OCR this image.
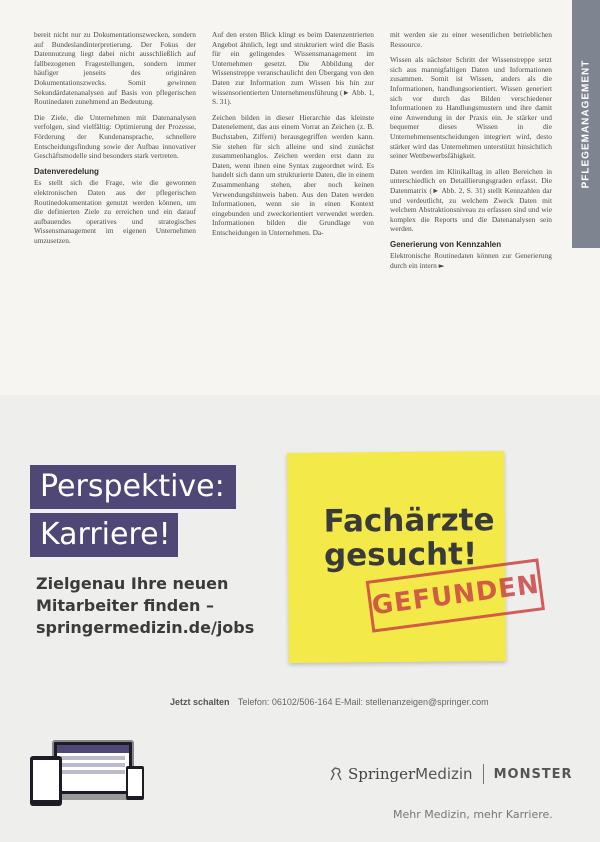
PFLEGEMANAGEMENT

bereit nicht nur zu Dokumentationszwecken, sondern auf Bundeslandinterpretierung. Der Fokus der Datennutzung liegt dabei nicht ausschließlich auf fallbezogenen Fragestellungen, sondern immer häufiger jenseits des originären Dokumentationszwecks. Somit gewinnen Sekundärdatenanalysen auf Basis von pflegerischen Routinedaten zunehmend an Bedeutung.

Die Ziele, die Unternehmen mit Datenanalysen verfolgen, sind vielfältig: Optimierung der Prozesse, Förderung der Kundenansprache, schnellere Entscheidungsfindung sowie der Aufbau innovativer Geschäftsmodelle sind besonders stark vertreten.

Datenveredelung

Es stellt sich die Frage, wie die gewonnen elektronischen Daten aus der pflegerischen Routinedokumentation genutzt werden können, um die definierten Ziele zu erreichen und ein darauf aufbauendes operatives und strategisches Wissensmanagement im eigenen Unternehmen umzusetzen.

Auf den ersten Blick klingt es beim Datenzentrierten Angebot ähnlich, legt und strukturiert wird die Basis für ein gelingendes Wissensmanagement im Unternehmen gesetzt. Die Abbildung der Wissenstreppe veranschaulicht den Übergang von den Daten zur Information zum Wissen bis hin zur wissensorientierten Unternehmensführung (► Abb. 1, S. 31).

Zeichen bilden in dieser Hierarchie das kleinste Datenelement, das aus einem Vorrat an Zeichen (z. B. Buchstaben, Ziffern) herausgegriffen werden kann. Sie stehen für sich alleine und sind zunächst zusammenhanglos. Zeichen werden erst dann zu Daten, wenn ihnen eine Syntax zugeordnet wird. Es handelt sich dann um strukturierte Daten, die in einem Zusammenhang stehen, aber noch keinen Verwendungshinweis haben. Aus den Daten werden Informationen, wenn sie in einen Kontext eingebunden und zweckorientiert verwendet werden. Informationen bilden die Grundlage von Entscheidungen in Unternehmen. Da-

mit werden sie zu einer wesentlichen betrieblichen Ressource.

Wissen als nächster Schritt der Wissenstreppe setzt sich aus mannigfaltigen Daten und Informationen zusammen. Somit ist Wissen, anders als die Informationen, handlungsorientiert. Wissen generiert sich vor durch das Bilden verschiedener Informationen zu Handlungsmustern und ihre damit eine Anwendung in der Praxis ein. Je stärker und bequemer dieses Wissen in die Unternehmensentscheidungen integriert wird, desto stärker wird das Unternehmen unterstützt hinsichtlich seiner Wettbewerbsfähigkeit.

Daten werden im Klinikalltag in allen Bereichen in unterschiedlich en Detaillierungsgraden erfasst. Die Datenmatrix (► Abb. 2, S. 31) stellt Kennzahlen dar und verdeutlicht, zu welchem Zweck Daten mit welchem Abstraktionsniveau zu erfassen sind und wie komplex die Reports und die Datenanalysen sein werden.

Generierung von Kennzahlen

Elektronische Routinedaten können zur Generierung durch ein intern ►

Perspektive:
Karriere!
Zielgenau Ihre neuen
Mitarbeiter finden –
springermedizin.de/jobs
Fachärzte
gesucht!
GEFUNDEN
Jetzt schalten Telefon: 06102/506-164 E-Mail: stellenanzeigen@springer.com
SpringerMedizin MONSTER
Mehr Medizin, mehr Karriere.
